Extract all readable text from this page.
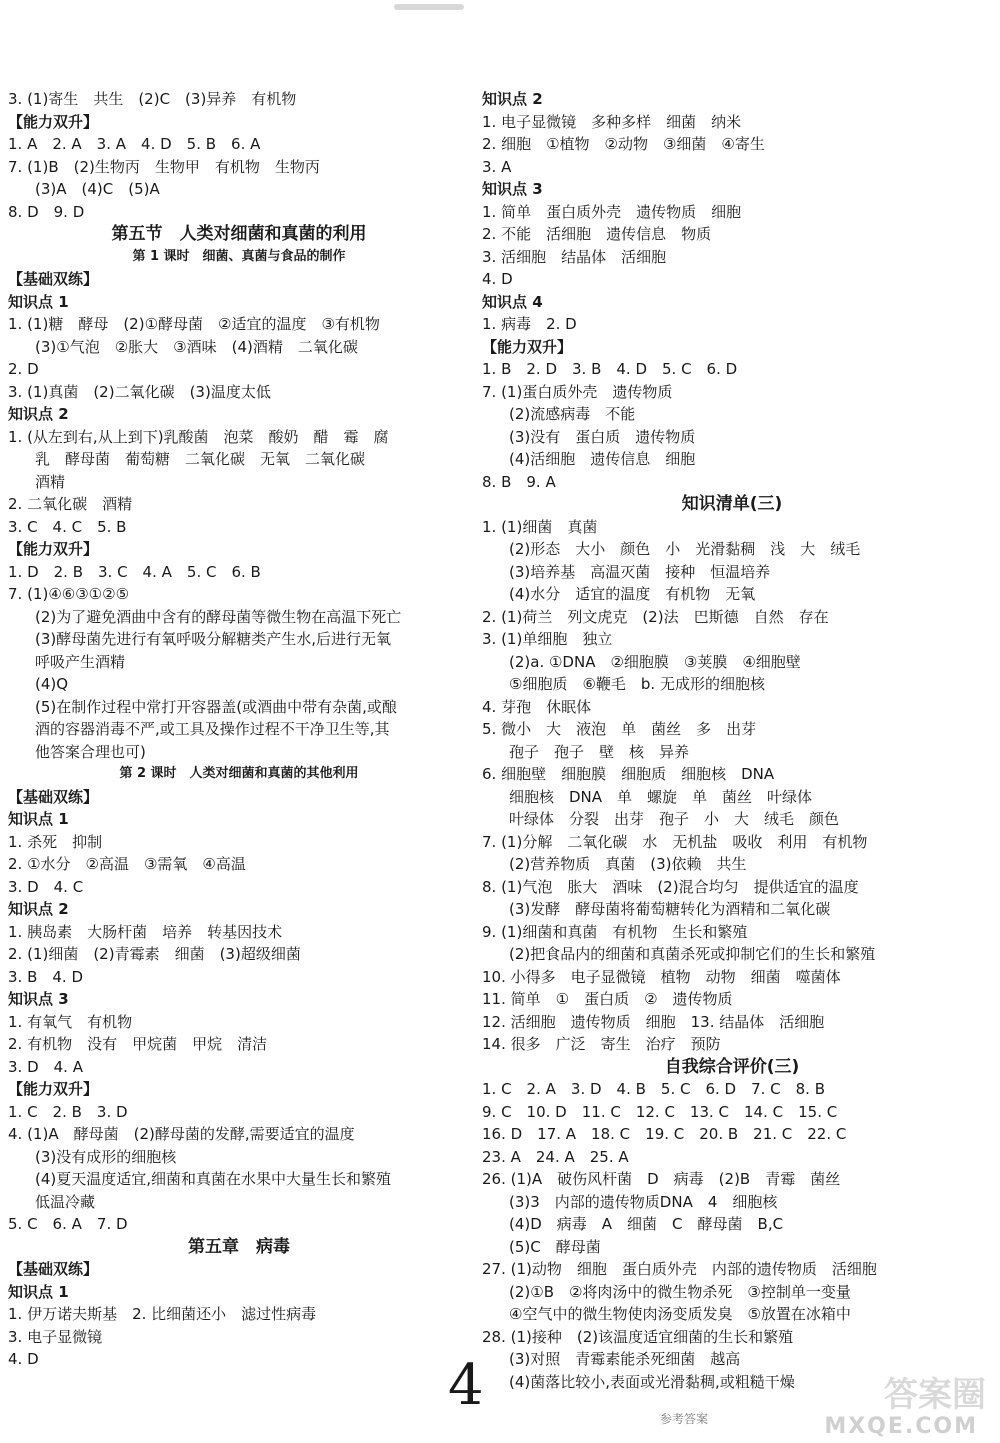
3. (1)寄生　共生　(2)C　(3)异养　有机物
【能力双升】
1. A　2. A　3. A　4. D　5. B　6. A
7. (1)B　(2)生物丙　生物甲　有机物　生物丙
(3)A　(4)C　(5)A
8. D　9. D
第五节　人类对细菌和真菌的利用
第 1 课时　细菌、真菌与食品的制作
【基础双练】
知识点 1
1. (1)糖　酵母　(2)①酵母菌　②适宜的温度　③有机物
(3)①气泡　②胀大　③酒味　(4)酒精　二氧化碳
2. D
3. (1)真菌　(2)二氧化碳　(3)温度太低
知识点 2
1. (从左到右,从上到下)乳酸菌　泡菜　酸奶　醋　霉　腐
乳　酵母菌　葡萄糖　二氧化碳　无氧　二氧化碳
酒精
2. 二氧化碳　酒精
3. C　4. C　5. B
【能力双升】
1. D　2. B　3. C　4. A　5. C　6. B
7. (1)④⑥③①②⑤
(2)为了避免酒曲中含有的酵母菌等微生物在高温下死亡
(3)酵母菌先进行有氧呼吸分解糖类产生水,后进行无氧
呼吸产生酒精
(4)Q
(5)在制作过程中常打开容器盖(或酒曲中带有杂菌,或酿
酒的容器消毒不严,或工具及操作过程不干净卫生等,其
他答案合理也可)
第 2 课时　人类对细菌和真菌的其他利用
【基础双练】
知识点 1
1. 杀死　抑制
2. ①水分　②高温　③需氧　④高温
3. D　4. C
知识点 2
1. 胰岛素　大肠杆菌　培养　转基因技术
2. (1)细菌　(2)青霉素　细菌　(3)超级细菌
3. B　4. D
知识点 3
1. 有氧气　有机物
2. 有机物　没有　甲烷菌　甲烷　清洁
3. D　4. A
【能力双升】
1. C　2. B　3. D
4. (1)A　酵母菌　(2)酵母菌的发酵,需要适宜的温度
(3)没有成形的细胞核
(4)夏天温度适宜,细菌和真菌在水果中大量生长和繁殖
低温冷藏
5. C　6. A　7. D
第五章　病毒
【基础双练】
知识点 1
1. 伊万诺夫斯基　2. 比细菌还小　滤过性病毒
3. 电子显微镜
4. D
知识点 2
1. 电子显微镜　多种多样　细菌　纳米
2. 细胞　①植物　②动物　③细菌　④寄生
3. A
知识点 3
1. 简单　蛋白质外壳　遗传物质　细胞
2. 不能　活细胞　遗传信息　物质
3. 活细胞　结晶体　活细胞
4. D
知识点 4
1. 病毒　2. D
【能力双升】
1. B　2. D　3. B　4. D　5. C　6. D
7. (1)蛋白质外壳　遗传物质
(2)流感病毒　不能
(3)没有　蛋白质　遗传物质
(4)活细胞　遗传信息　细胞
8. B　9. A
知识清单(三)
1. (1)细菌　真菌
(2)形态　大小　颜色　小　光滑黏稠　浅　大　绒毛
(3)培养基　高温灭菌　接种　恒温培养
(4)水分　适宜的温度　有机物　无氧
2. (1)荷兰　列文虎克　(2)法　巴斯德　自然　存在
3. (1)单细胞　独立
(2)a. ①DNA　②细胞膜　③荚膜　④细胞壁
⑤细胞质　⑥鞭毛　b. 无成形的细胞核
4. 芽孢　休眠体
5. 微小　大　液泡　单　菌丝　多　出芽
孢子　孢子　壁　核　异养
6. 细胞壁　细胞膜　细胞质　细胞核　DNA
细胞核　DNA　单　螺旋　单　菌丝　叶绿体
叶绿体　分裂　出芽　孢子　小　大　绒毛　颜色
7. (1)分解　二氧化碳　水　无机盐　吸收　利用　有机物
(2)营养物质　真菌　(3)依赖　共生
8. (1)气泡　胀大　酒味　(2)混合均匀　提供适宜的温度
(3)发酵　酵母菌将葡萄糖转化为酒精和二氧化碳
9. (1)细菌和真菌　有机物　生长和繁殖
(2)把食品内的细菌和真菌杀死或抑制它们的生长和繁殖
10. 小得多　电子显微镜　植物　动物　细菌　噬菌体
11. 简单　①　蛋白质　②　遗传物质
12. 活细胞　遗传物质　细胞　13. 结晶体　活细胞
14. 很多　广泛　寄生　治疗　预防
自我综合评价(三)
1. C　2. A　3. D　4. B　5. C　6. D　7. C　8. B
9. C　10. D　11. C　12. C　13. C　14. C　15. C
16. D　17. A　18. C　19. C　20. B　21. C　22. C
23. A　24. A　25. A
26. (1)A　破伤风杆菌　D　病毒　(2)B　青霉　菌丝
(3)3　内部的遗传物质DNA　4　细胞核
(4)D　病毒　A　细菌　C　酵母菌　B,C
(5)C　酵母菌
27. (1)动物　细胞　蛋白质外壳　内部的遗传物质　活细胞
(2)①B　②将肉汤中的微生物杀死　③控制单一变量
④空气中的微生物使肉汤变质发臭　⑤放置在冰箱中
28. (1)接种　(2)该温度适宜细菌的生长和繁殖
(3)对照　青霉素能杀死细菌　越高
(4)菌落比较小,表面或光滑黏稠,或粗糙干燥
4
参考答案
答案圈
MXQE.COM
